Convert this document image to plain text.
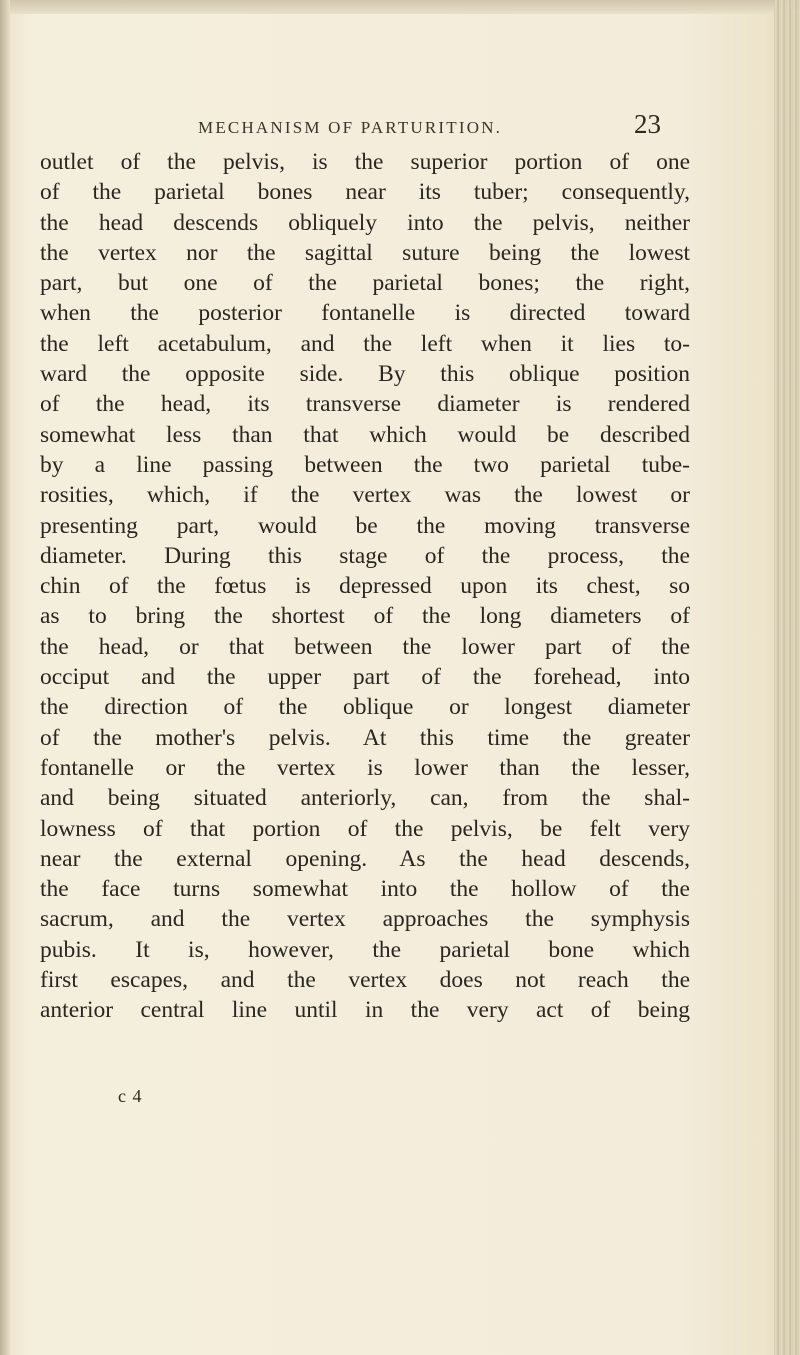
MECHANISM OF PARTURITION.	23
outlet of the pelvis, is the superior portion of one
of the parietal bones near its tuber; consequently,
the head descends obliquely into the pelvis, neither
the vertex nor the sagittal suture being the lowest
part, but one of the parietal bones; the right,
when the posterior fontanelle is directed toward
the left acetabulum, and the left when it lies to-
ward the opposite side. By this oblique position
of the head, its transverse diameter is rendered
somewhat less than that which would be described
by a line passing between the two parietal tube-
rosities, which, if the vertex was the lowest or
presenting part, would be the moving transverse
diameter. During this stage of the process, the
chin of the fœtus is depressed upon its chest, so
as to bring the shortest of the long diameters of
the head, or that between the lower part of the
occiput and the upper part of the forehead, into
the direction of the oblique or longest diameter
of the mother's pelvis. At this time the greater
fontanelle or the vertex is lower than the lesser,
and being situated anteriorly, can, from the shal-
lowness of that portion of the pelvis, be felt very
near the external opening. As the head descends,
the face turns somewhat into the hollow of the
sacrum, and the vertex approaches the symphysis
pubis. It is, however, the parietal bone which
first escapes, and the vertex does not reach the
anterior central line until in the very act of being
c 4
